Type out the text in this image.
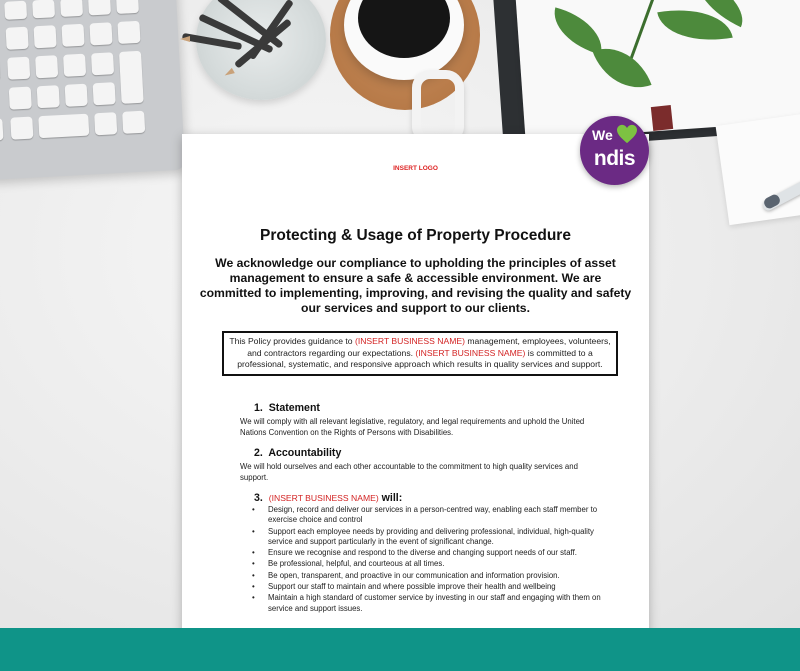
INSERT LOGO
Protecting & Usage of Property Procedure
We acknowledge our compliance to upholding the principles of asset management to ensure a safe & accessible environment. We are committed to implementing, improving, and revising the quality and safety our services and support to our clients.
This Policy provides guidance to (INSERT BUSINESS NAME) management, employees, volunteers, and contractors regarding our expectations. (INSERT BUSINESS NAME) is committed to a professional, systematic, and responsive approach which results in quality services and support.
1. Statement
We will comply with all relevant legislative, regulatory, and legal requirements and uphold the United Nations Convention on the Rights of Persons with Disabilities.
2. Accountability
We will hold ourselves and each other accountable to the commitment to high quality services and support.
3. (INSERT BUSINESS NAME) will:
• Design, record and deliver our services in a person-centred way, enabling each staff member to exercise choice and control
• Support each employee needs by providing and delivering professional, individual, high-quality service and support particularly in the event of significant change.
• Ensure we recognise and respond to the diverse and changing support needs of our staff.
• Be professional, helpful, and courteous at all times.
• Be open, transparent, and proactive in our communication and information provision.
• Support our staff to maintain and where possible improve their health and wellbeing
• Maintain a high standard of customer service by investing in our staff and engaging with them on service and support issues.
We
ndis
